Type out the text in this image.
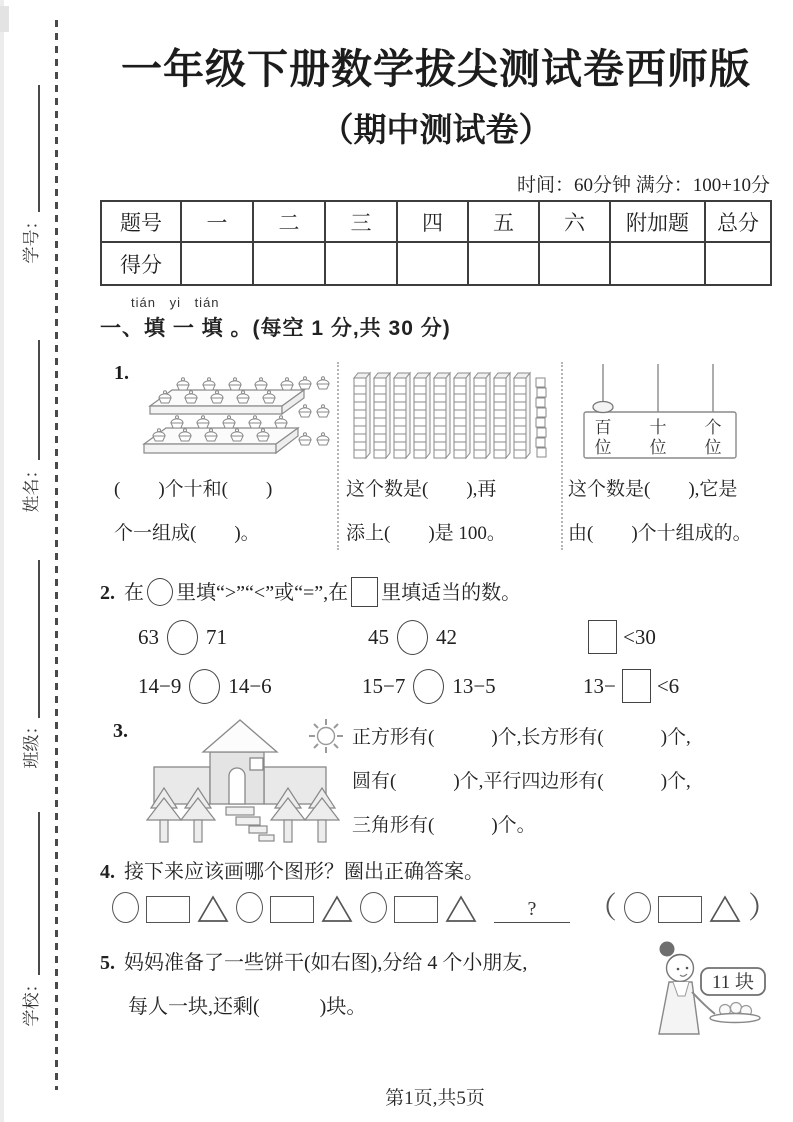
学号：
姓名：
班级：
学校：
一年级下册数学拔尖测试卷西师版
（期中测试卷）
时间：60分钟 满分：100+10分
题号	一	二	三	四	五	六	附加题	总分
得分								
tián yi tián
一、填 一 填 。(每空 1 分,共 30 分)
1.
百
位
十
位
个
位
(　　)个十和(　　)
个一组成(　　)。
这个数是(　　),再
添上(　　)是 100。
这个数是(　　),它是
由(　　)个十组成的。
2. 在 里填“>”“<”或“=”,在 里填适当的数。
63 71	45 42	<30
14−9 14−6	15−7 13−5	13− <6
3.	正方形有(　　　)个,长方形有(　　　)个,
圆有(　　　)个,平行四边形有(　　　)个,
三角形有(　　　)个。
4. 接下来应该画哪个图形？圈出正确答案。
?	（	）
5. 妈妈准备了一些饼干(如右图),分给 4 个小朋友,
每人一块,还剩(　　　)块。
11 块
第1页,共5页
